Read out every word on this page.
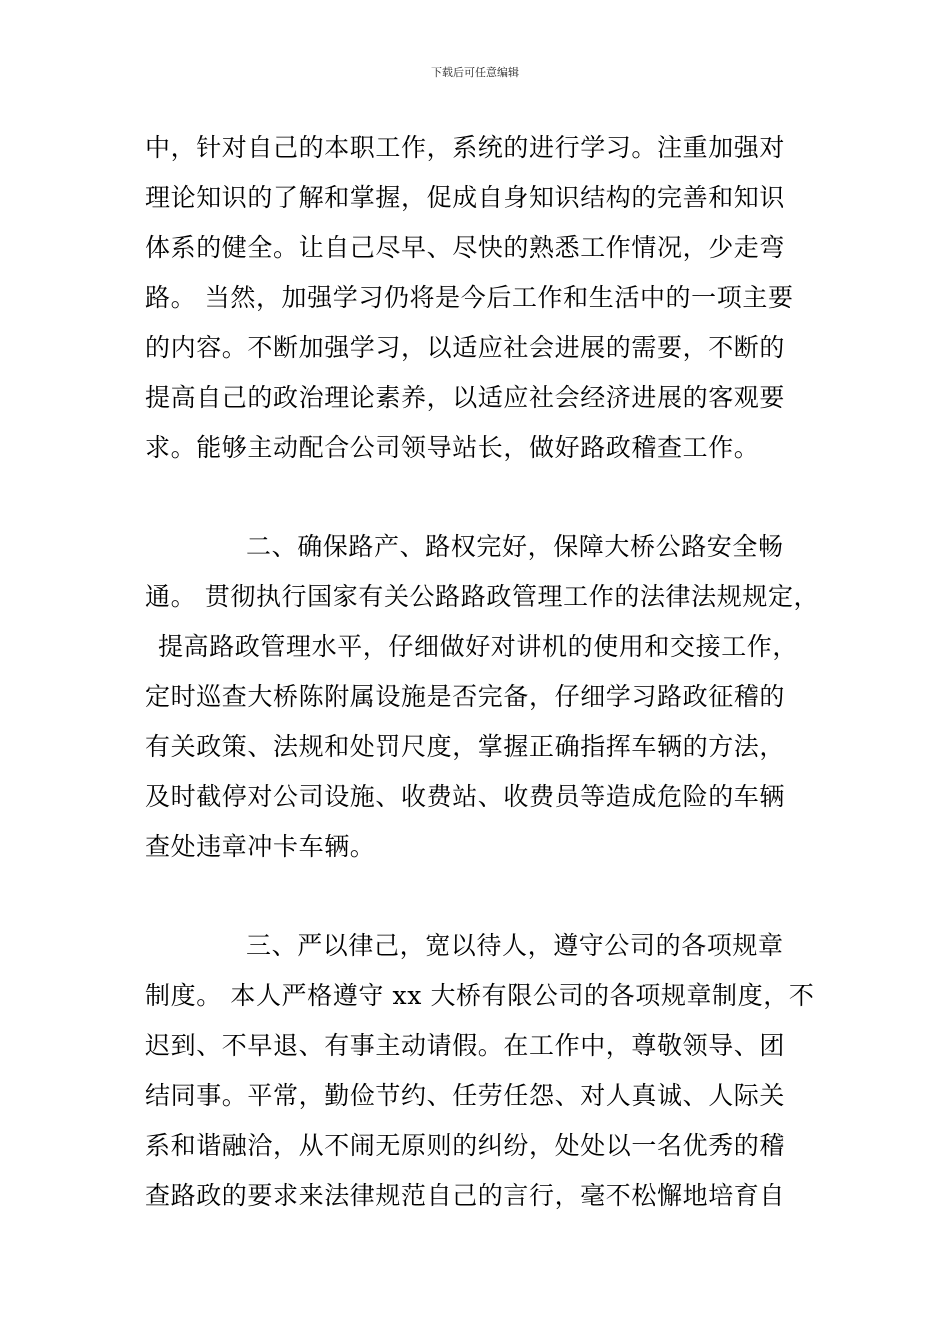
下载后可任意编辑
中，针对自己的本职工作，系统的进行学习。注重加强对
理论知识的了解和掌握，促成自身知识结构的完善和知识
体系的健全。让自己尽早、尽快的熟悉工作情况，少走弯
路。 当然，加强学习仍将是今后工作和生活中的一项主要
的内容。不断加强学习，以适应社会进展的需要，不断的
提高自己的政治理论素养，以适应社会经济进展的客观要
求。能够主动配合公司领导站长，做好路政稽查工作。
二、确保路产、路权完好，保障大桥公路安全畅
通。 贯彻执行国家有关公路路政管理工作的法律法规规定，
提高路政管理水平，仔细做好对讲机的使用和交接工作，
定时巡查大桥陈附属设施是否完备，仔细学习路政征稽的
有关政策、法规和处罚尺度，掌握正确指挥车辆的方法，
及时截停对公司设施、收费站、收费员等造成危险的车辆
查处违章冲卡车辆。
三、严以律己，宽以待人，遵守公司的各项规章
制度。 本人严格遵守 xx 大桥有限公司的各项规章制度，不
迟到、不早退、有事主动请假。在工作中，尊敬领导、团
结同事。平常，勤俭节约、任劳任怨、对人真诚、人际关
系和谐融洽，从不闹无原则的纠纷，处处以一名优秀的稽
查路政的要求来法律规范自己的言行，毫不松懈地培育自
